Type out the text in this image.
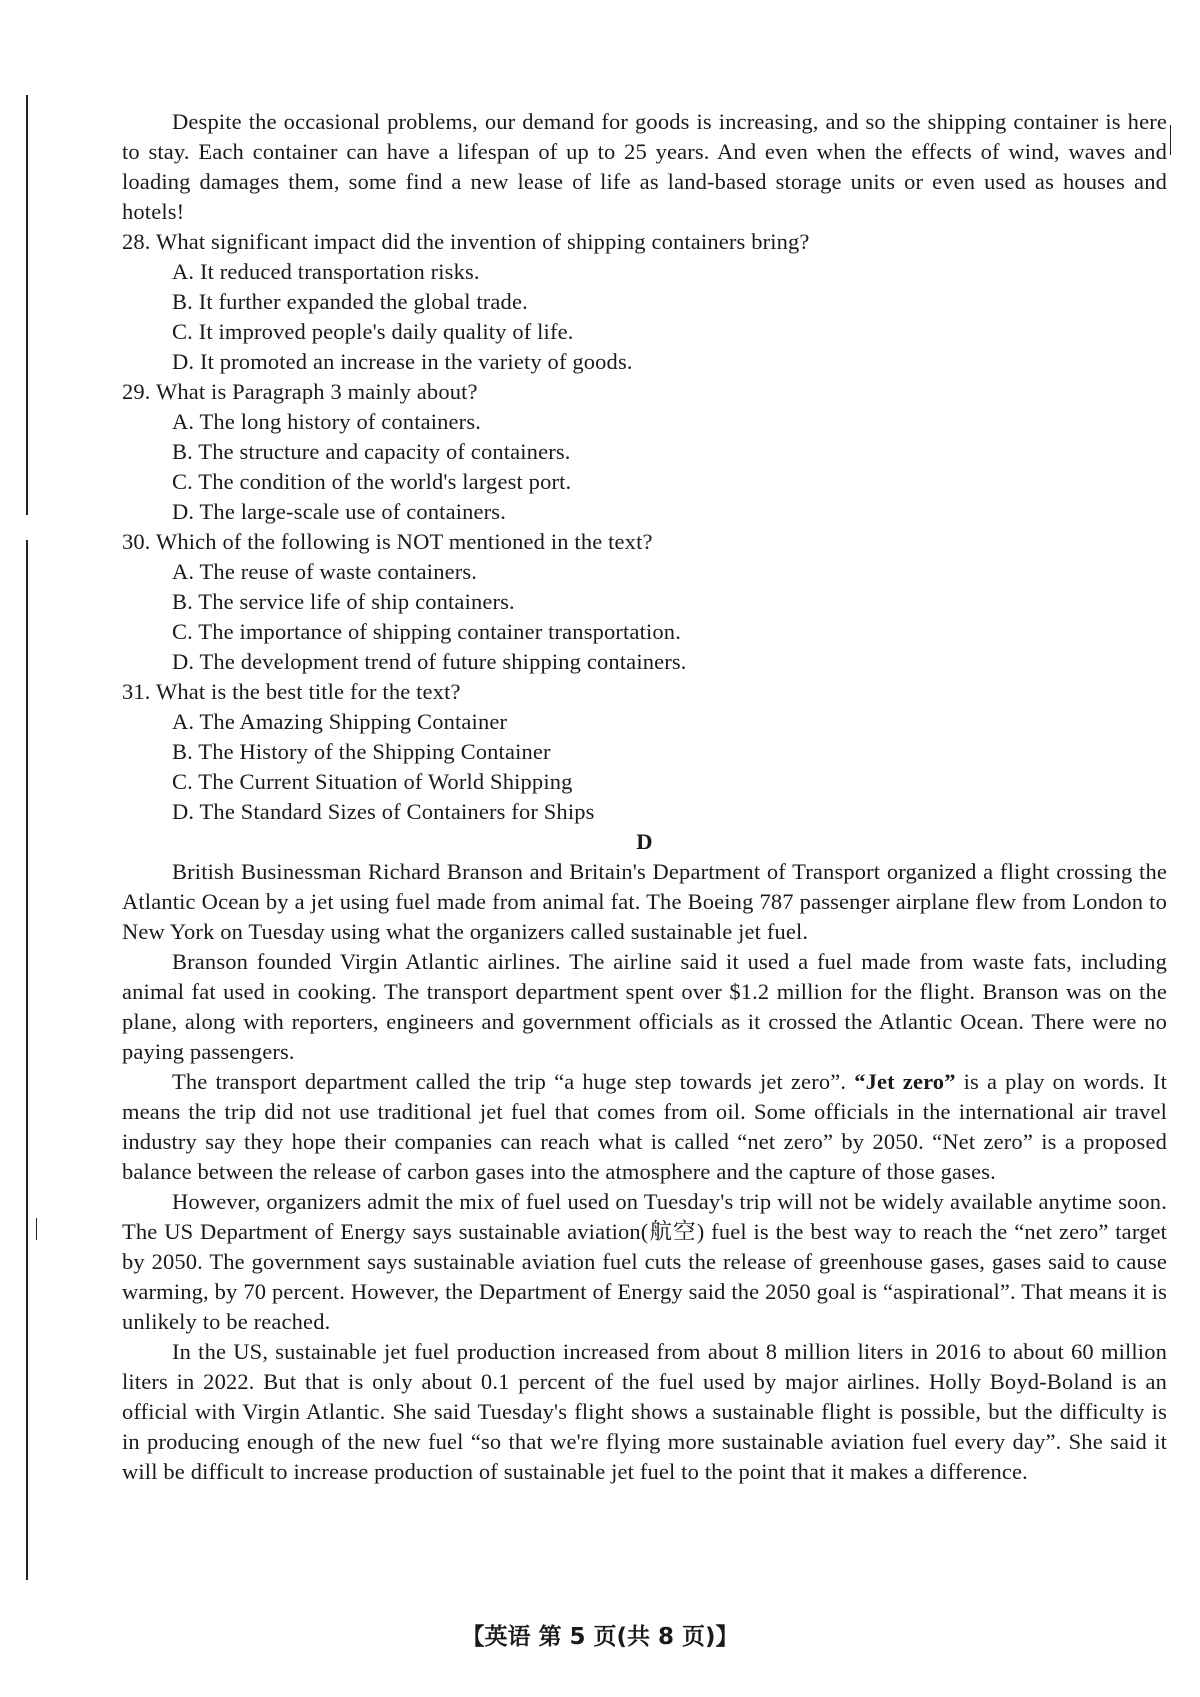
Despite the occasional problems, our demand for goods is increasing, and so the shipping container is here to stay. Each container can have a lifespan of up to 25 years. And even when the effects of wind, waves and loading damages them, some find a new lease of life as land-based storage units or even used as houses and hotels!

28. What significant impact did the invention of shipping containers bring?

A. It reduced transportation risks.

B. It further expanded the global trade.

C. It improved people's daily quality of life.

D. It promoted an increase in the variety of goods.

29. What is Paragraph 3 mainly about?

A. The long history of containers.

B. The structure and capacity of containers.

C. The condition of the world's largest port.

D. The large-scale use of containers.

30. Which of the following is NOT mentioned in the text?

A. The reuse of waste containers.

B. The service life of ship containers.

C. The importance of shipping container transportation.

D. The development trend of future shipping containers.

31. What is the best title for the text?

A. The Amazing Shipping Container

B. The History of the Shipping Container

C. The Current Situation of World Shipping

D. The Standard Sizes of Containers for Ships

D

British Businessman Richard Branson and Britain's Department of Transport organized a flight crossing the Atlantic Ocean by a jet using fuel made from animal fat. The Boeing 787 passenger airplane flew from London to New York on Tuesday using what the organizers called sustainable jet fuel.

Branson founded Virgin Atlantic airlines. The airline said it used a fuel made from waste fats, including animal fat used in cooking. The transport department spent over $1.2 million for the flight. Branson was on the plane, along with reporters, engineers and government officials as it crossed the Atlantic Ocean. There were no paying passengers.

The transport department called the trip “a huge step towards jet zero”. “Jet zero” is a play on words. It means the trip did not use traditional jet fuel that comes from oil. Some officials in the international air travel industry say they hope their companies can reach what is called “net zero” by 2050. “Net zero” is a proposed balance between the release of carbon gases into the atmosphere and the capture of those gases.

However, organizers admit the mix of fuel used on Tuesday's trip will not be widely available anytime soon. The US Department of Energy says sustainable aviation(航空) fuel is the best way to reach the “net zero” target by 2050. The government says sustainable aviation fuel cuts the release of greenhouse gases, gases said to cause warming, by 70 percent. However, the Department of Energy said the 2050 goal is “aspirational”. That means it is unlikely to be reached.

In the US, sustainable jet fuel production increased from about 8 million liters in 2016 to about 60 million liters in 2022. But that is only about 0.1 percent of the fuel used by major airlines. Holly Boyd-Boland is an official with Virgin Atlantic. She said Tuesday's flight shows a sustainable flight is possible, but the difficulty is in producing enough of the new fuel “so that we're flying more sustainable aviation fuel every day”. She said it will be difficult to increase production of sustainable jet fuel to the point that it makes a difference.

【英语 第 5 页(共 8 页)】
